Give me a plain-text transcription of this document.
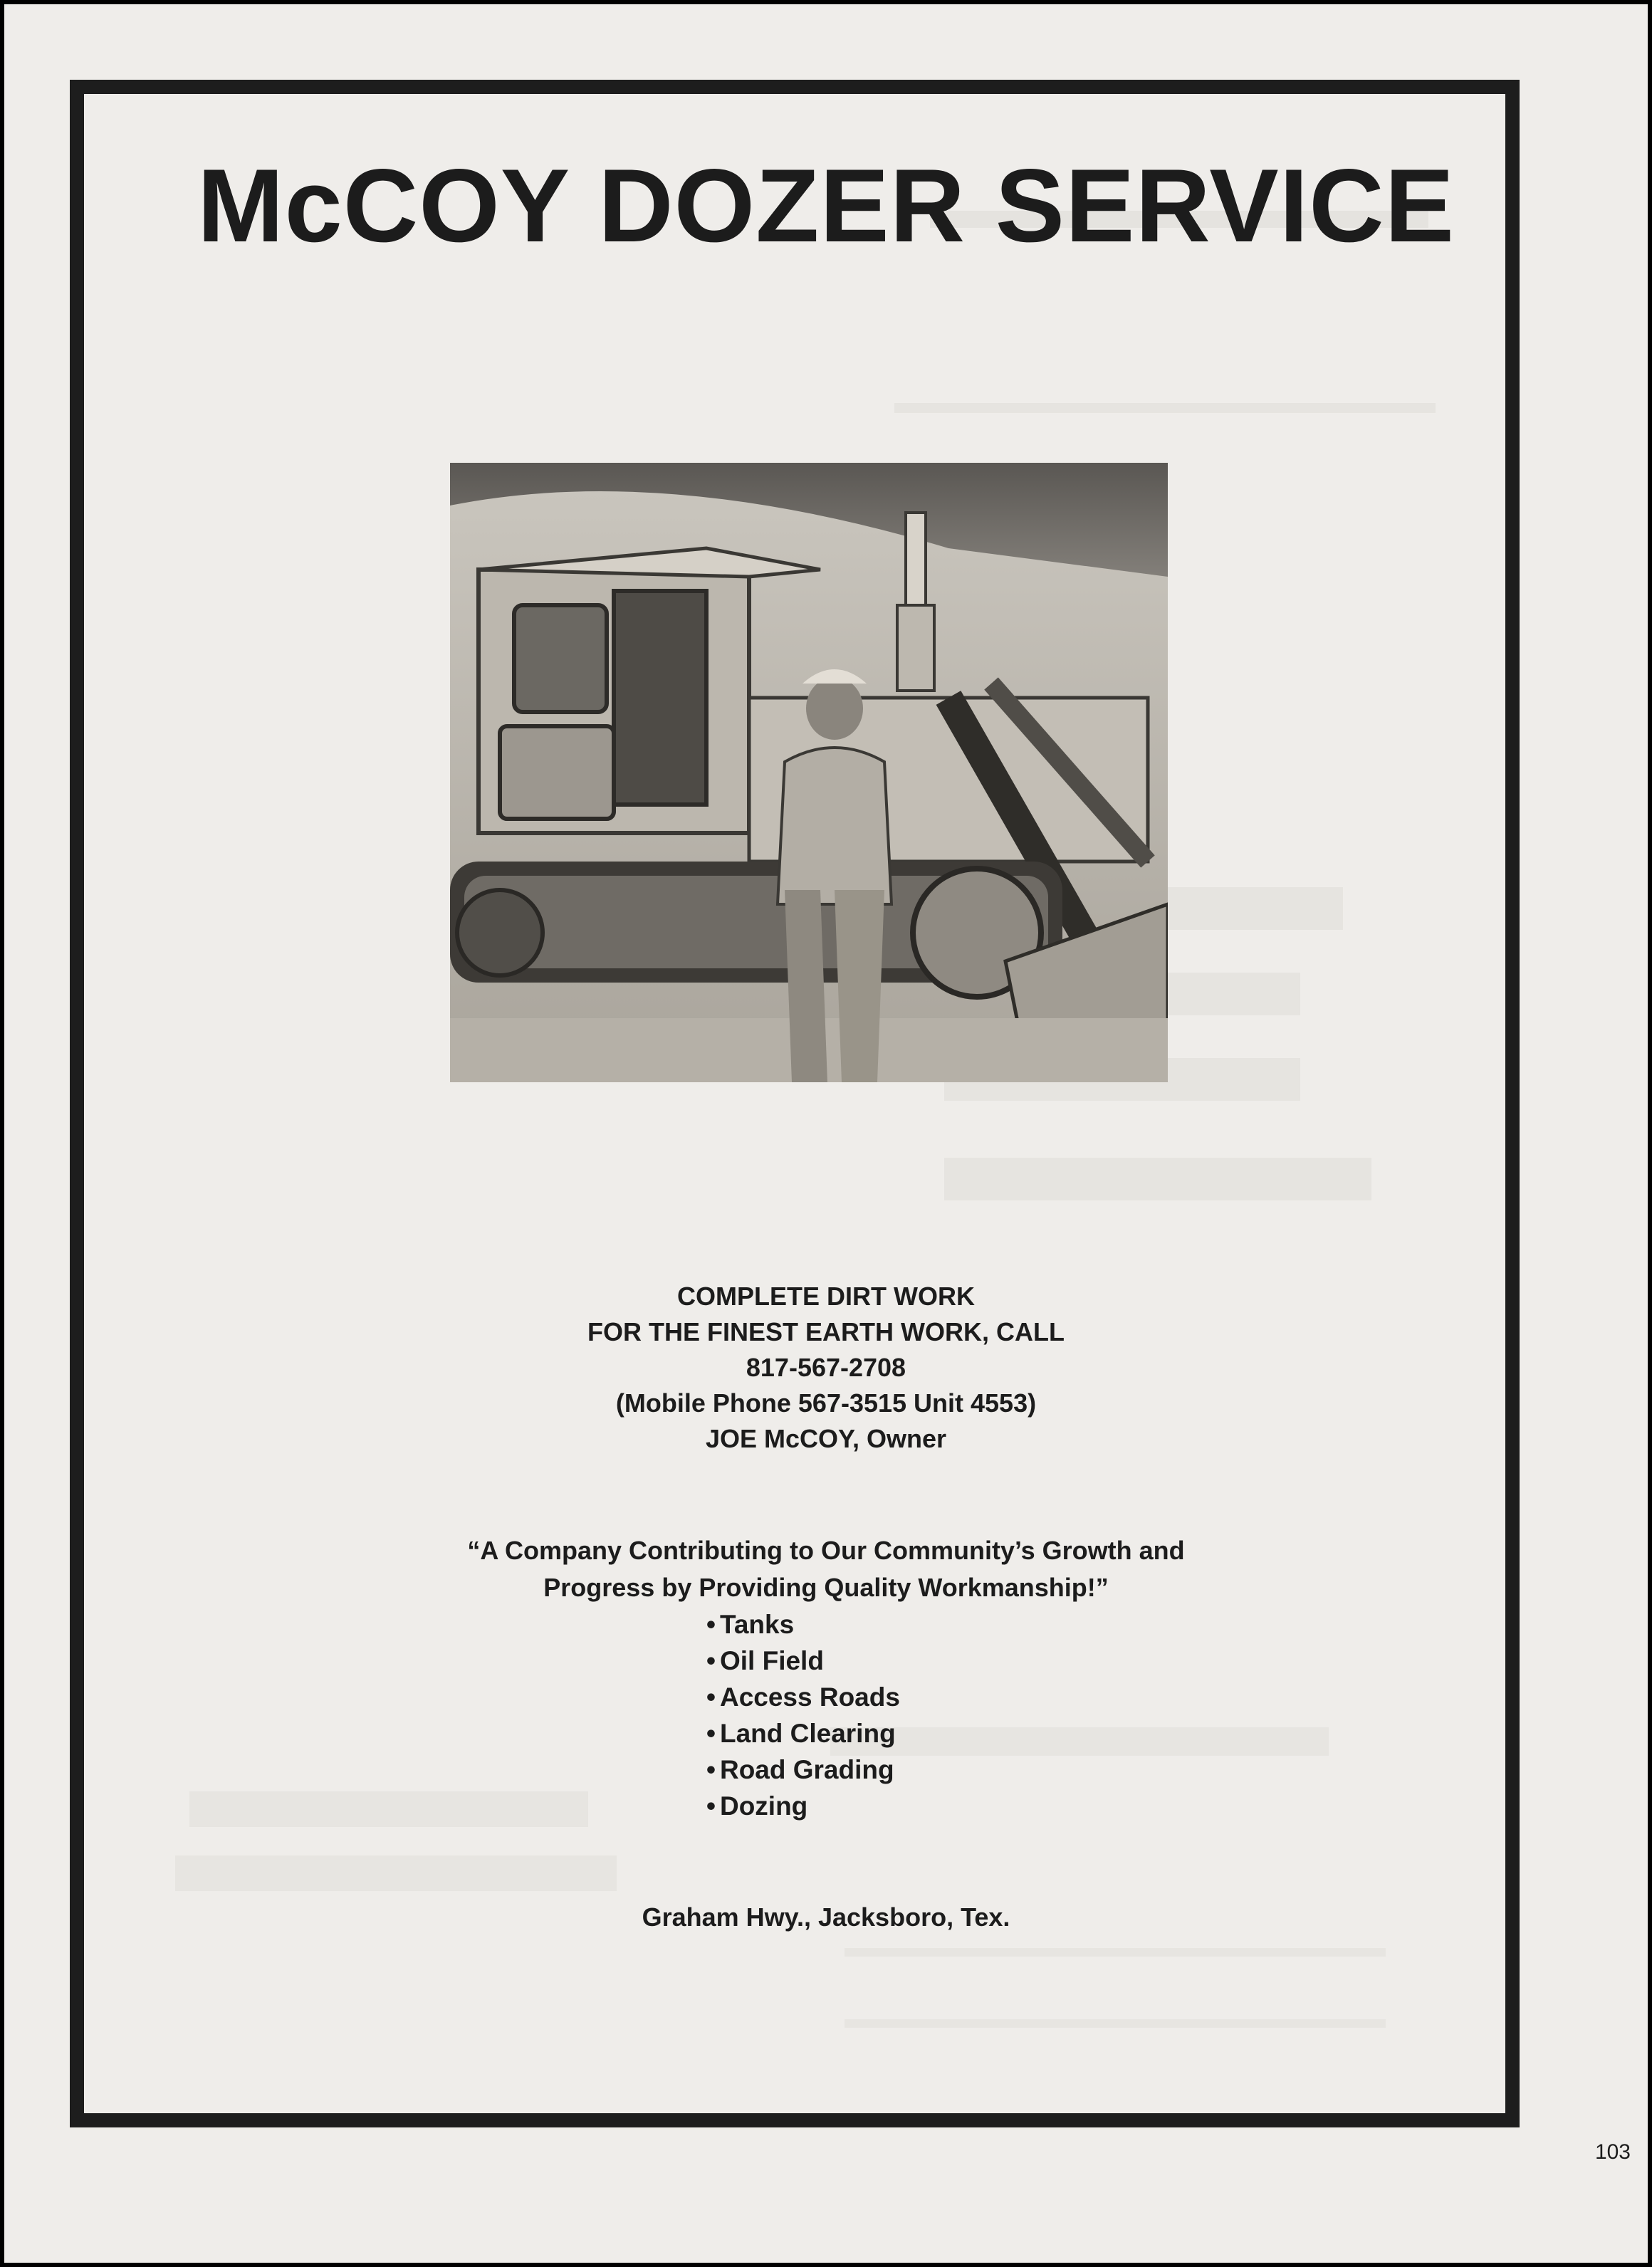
McCOY DOZER SERVICE
COMPLETE DIRT WORK
FOR THE FINEST EARTH WORK, CALL
817-567-2708
(Mobile Phone 567-3515 Unit 4553)
JOE McCOY, Owner
“A Company Contributing to Our Community’s Growth and
Progress by Providing Quality Workmanship!”
• Tanks
• Oil Field
• Access Roads
• Land Clearing
• Road Grading
• Dozing
Graham Hwy., Jacksboro, Tex.
103
